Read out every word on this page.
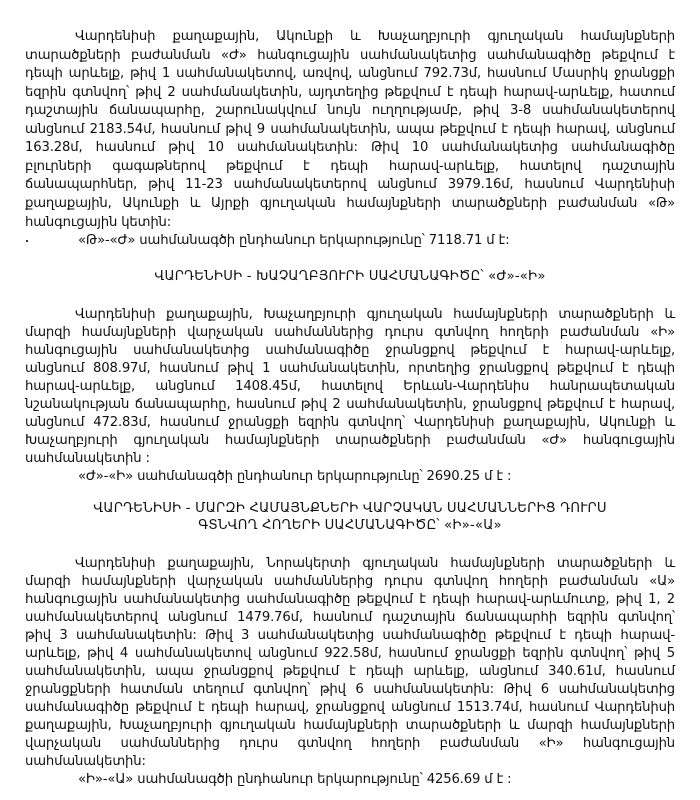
Վարդենիսի քաղաքային, Ակունքի և Խաչաղբյուրի գյուղական համայնքների
տարածքների բաժանման «Ժ» հանգուցային սահմանակետից սահմանագիծը թեքվում է
դեպի արևելք, թիվ 1 սահմանակետով, առվով, անցնում 792.73մ, հասնում Մասրիկ ջրանցքի
եզրին գտնվող՝ թիվ 2 սահմանակետին, այդտեղից թեքվում է դեպի հարավ-արևելք, հատում
դաշտային ճանապարհը, շարունակվում նույն ուղղությամբ, թիվ 3-8 սահմանակետերով
անցնում 2183.54մ, հասնում թիվ 9 սահմանակետին, ապա թեքվում է դեպի հարավ, անցնում
163.28մ, հասնում թիվ 10 սահմանակետին: Թիվ 10 սահմանակետից սահմանագիծը
բլուրների գագաթներով թեքվում է դեպի հարավ-արևելք, հատելով դաշտային
ճանապարհներ, թիվ 11-23 սահմանակետերով անցնում 3979.16մ, հասնում Վարդենիսի
քաղաքային, Ակունքի և Այրքի գյուղական համայնքների տարածքների բաժանման «Թ»
հանգուցային կետին:
«Թ»-«Ժ» սահմանագծի ընդհանուր երկարությունը՝ 7118.71 մ է:
ՎԱՐԴԵՆԻՍԻ - ԽԱՉԱՂԲՅՈՒՐԻ ՍԱՀՄԱՆԱԳԻԾԸ՝ «Ժ»-«Ի»
Վարդենիսի քաղաքային, Խաչաղբյուրի գյուղական համայնքների տարածքների և
մարզի համայնքների վարչական սահմաններից դուրս գտնվող հողերի բաժանման «Ի»
հանգուցային սահմանակետից սահմանագիծը ջրանցքով թեքվում է հարավ-արևելք,
անցնում 808.97մ, հասնում թիվ 1 սահմանակետին, որտեղից ջրանցքով թեքվում է դեպի
հարավ-արևելք, անցնում 1408.45մ, հատելով Երևան-Վարդենիս հանրապետական
նշանակության ճանապարհը, հասնում թիվ 2 սահմանակետին, ջրանցքով թեքվում է հարավ,
անցնում 472.83մ, հասնում ջրանցքի եզրին գտնվող՝ Վարդենիսի քաղաքային, Ակունքի և
Խաչաղբյուրի գյուղական համայնքների տարածքների բաժանման «Ժ» հանգուցային
սահմանակետին :
«Ժ»-«Ի» սահմանագծի ընդհանուր երկարությունը՝ 2690.25 մ է :
ՎԱՐԴԵՆԻՍԻ - ՄԱՐԶԻ ՀԱՄԱՅՆՔՆԵՐԻ ՎԱՐՉԱԿԱՆ ՍԱՀՄԱՆՆԵՐԻՑ ԴՈՒՐՍ
ԳՏՆՎՈՂ ՀՈՂԵՐԻ ՍԱՀՄԱՆԱԳԻԾԸ՝ «Ի»-«Ա»
Վարդենիսի քաղաքային, Նորակերտի գյուղական համայնքների տարածքների և
մարզի համայնքների վարչական սահմաններից դուրս գտնվող հողերի բաժանման «Ա»
հանգուցային սահմանակետից սահմանագիծը թեքվում է դեպի հարավ-արևմուտք, թիվ 1, 2
սահմանակետերով անցնում 1479.76մ, հասնում դաշտային ճանապարհի եզրին գտնվող՝
թիվ 3 սահմանակետին: Թիվ 3 սահմանակետից սահմանագիծը թեքվում է դեպի հարավ-
արևելք, թիվ 4 սահմանակետով անցնում 922.58մ, հասնում ջրանցքի եզրին գտնվող՝ թիվ 5
սահմանակետին, ապա ջրանցքով թեքվում է դեպի արևելք, անցնում 340.61մ, հասնում
ջրանցքների հատման տեղում գտնվող՝ թիվ 6 սահմանակետին: Թիվ 6 սահմանակետից
սահմանագիծը թեքվում է դեպի հարավ, ջրանցքով անցնում 1513.74մ, հասնում Վարդենիսի
քաղաքային, Խաչաղբյուրի գյուղական համայնքների տարածքների և մարզի համայնքների
վարչական սահմաններից դուրս գտնվող հողերի բաժանման «Ի» հանգուցային
սահմանակետին:
«Ի»-«Ա» սահմանագծի ընդհանուր երկարությունը՝ 4256.69 մ է :
